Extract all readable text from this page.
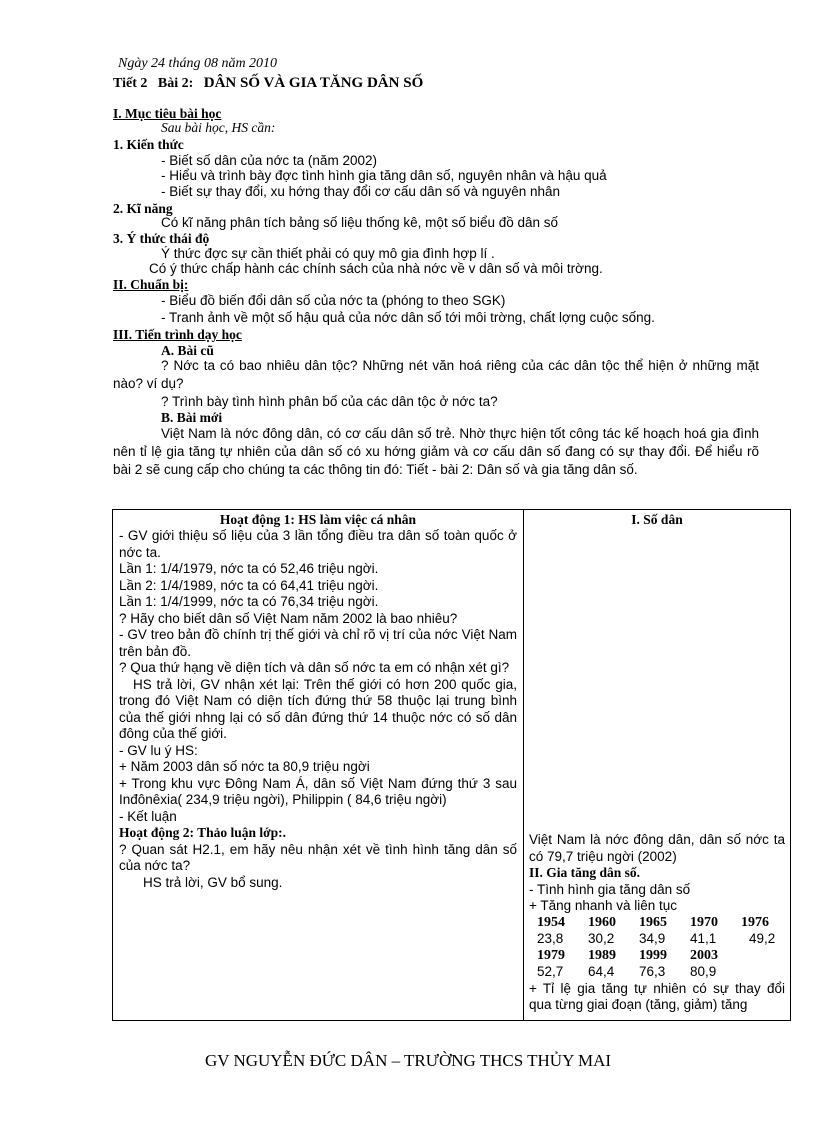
Ngày 24 tháng 08 năm 2010
Tiết 2 Bài 2: DÂN SỐ VÀ GIA TĂNG DÂN SỐ
I. Mục tiêu bài học
Sau bài học, HS cần:
1. Kiến thức
- Biết số dân của nớc ta (năm 2002)
- Hiểu và trình bày đợc tình hình gia tăng dân số, nguyên nhân và hậu quả
- Biết sự thay đổi, xu hớng thay đổi cơ cấu dân số và nguyên nhân
2. Kĩ năng
Có kĩ năng phân tích bảng số liệu thống kê, một số biểu đồ dân số
3. Ý thức thái độ
Ý thức đợc sự cần thiết phải có quy mô gia đình hợp lí .
Có ý thức chấp hành các chính sách của nhà nớc về v dân số và môi trờng.
II. Chuẩn bị:
- Biểu đồ biến đổi dân số của nớc ta (phóng to theo SGK)
- Tranh ảnh về một số hậu quả của nớc dân số tới môi trờng, chất lợng cuộc sống.
III. Tiến trình dạy học
A. Bài cũ
? Nớc ta có bao nhiêu dân tộc? Những nét văn hoá riêng của các dân tộc thể hiện ở những mặt nào? ví dụ?
? Trình bày tình hình phân bố của các dân tộc ở nớc ta?
B. Bài mới
Việt Nam là nớc đông dân, có cơ cấu dân số trẻ. Nhờ thực hiện tốt công tác kế hoạch hoá gia đình nên tỉ lệ gia tăng tự nhiên của dân số có xu hớng giảm và cơ cấu dân số đang có sự thay đổi. Để hiểu rõ bài 2 sẽ cung cấp cho chúng ta các thông tin đó: Tiết - bài 2: Dân số và gia tăng dân số.
Hoạt động 1: HS làm việc cá nhân
- GV giới thiệu số liệu của 3 lần tổng điều tra dân số toàn quốc ở nớc ta.
Lần 1: 1/4/1979, nớc ta có 52,46 triệu ngời.
Lần 2: 1/4/1989, nớc ta có 64,41 triệu ngời.
Lần 1: 1/4/1999, nớc ta có 76,34 triệu ngời.
? Hãy cho biết dân số Việt Nam năm 2002 là bao nhiêu?
- GV treo bản đồ chính trị thế giới và chỉ rõ vị trí của nớc Việt Nam trên bản đồ.
? Qua thứ hạng về diện tích và dân số nớc ta em có nhận xét gì?
HS trả lời, GV nhận xét lại: Trên thế giới có hơn 200 quốc gia, trong đó Việt Nam có diện tích đứng thứ 58 thuộc lại trung bình của thế giới nhng lại có số dân đứng thứ 14 thuộc nớc có số dân đông của thế giới.
- GV lu ý HS:
+ Năm 2003 dân số nớc ta 80,9 triệu ngời
+ Trong khu vực Đông Nam Á, dân số Việt Nam đứng thứ 3 sau Inđônêxia( 234,9 triệu ngời), Philippin ( 84,6 triệu ngời)
- Kết luận
Hoạt động 2: Thảo luận lớp:.
? Quan sát H2.1, em hãy nêu nhận xét về tình hình tăng dân số của nớc ta?
HS trả lời, GV bổ sung.
I. Số dân
Việt Nam là nớc đông dân, dân số nớc ta có 79,7 triệu ngời (2002)
II. Gia tăng dân số.
- Tình hình gia tăng dân số
+ Tăng nhanh và liên tục
1954	1960	1965	1970	1976
23,8	30,2	34,9	41,1	49,2
1979	1989	1999	2003
52,7	64,4	76,3	80,9
+ Tỉ lệ gia tăng tự nhiên có sự thay đổi qua từng giai đoạn (tăng, giảm) tăng
GV NGUYỄN ĐỨC DÂN – TRƯỜNG THCS THỦY MAI
